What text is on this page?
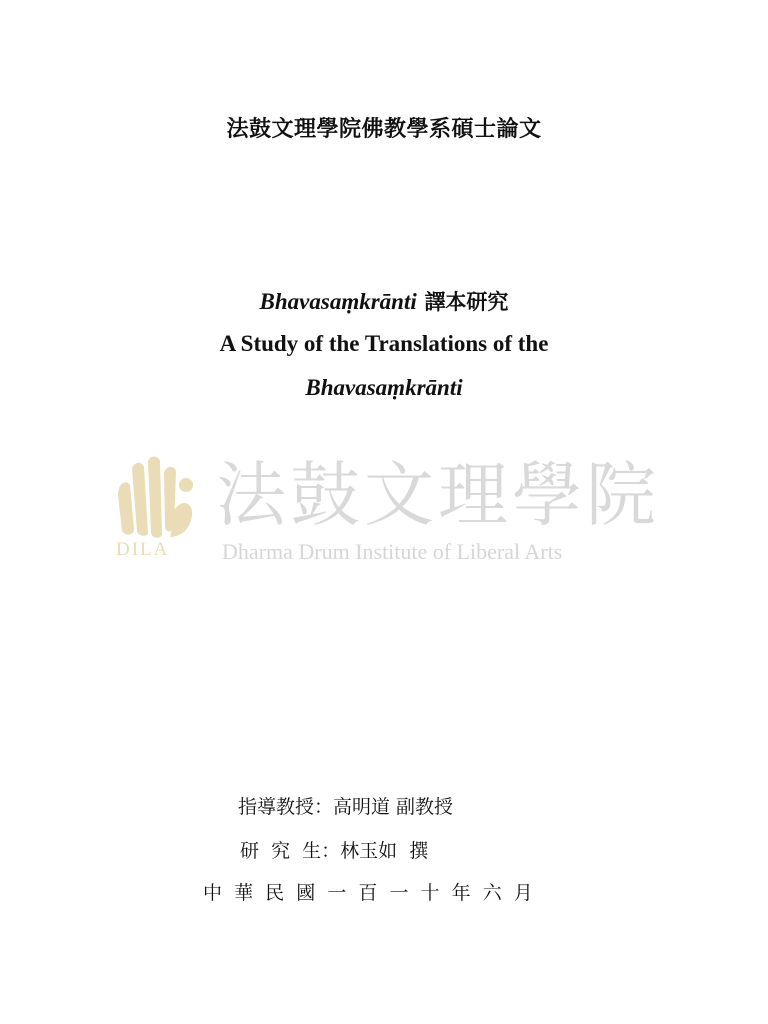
法鼓文理學院佛教學系碩士論文
Bhavasaṃkrānti 譯本研究
A Study of the Translations of the
Bhavasaṃkrānti
DILA
法鼓文理學院
Dharma Drum Institute of Liberal Arts
指導教授：高明道 副教授
研  究  生：林玉如  撰
中  華  民  國  一  百  一  十  年  六  月
